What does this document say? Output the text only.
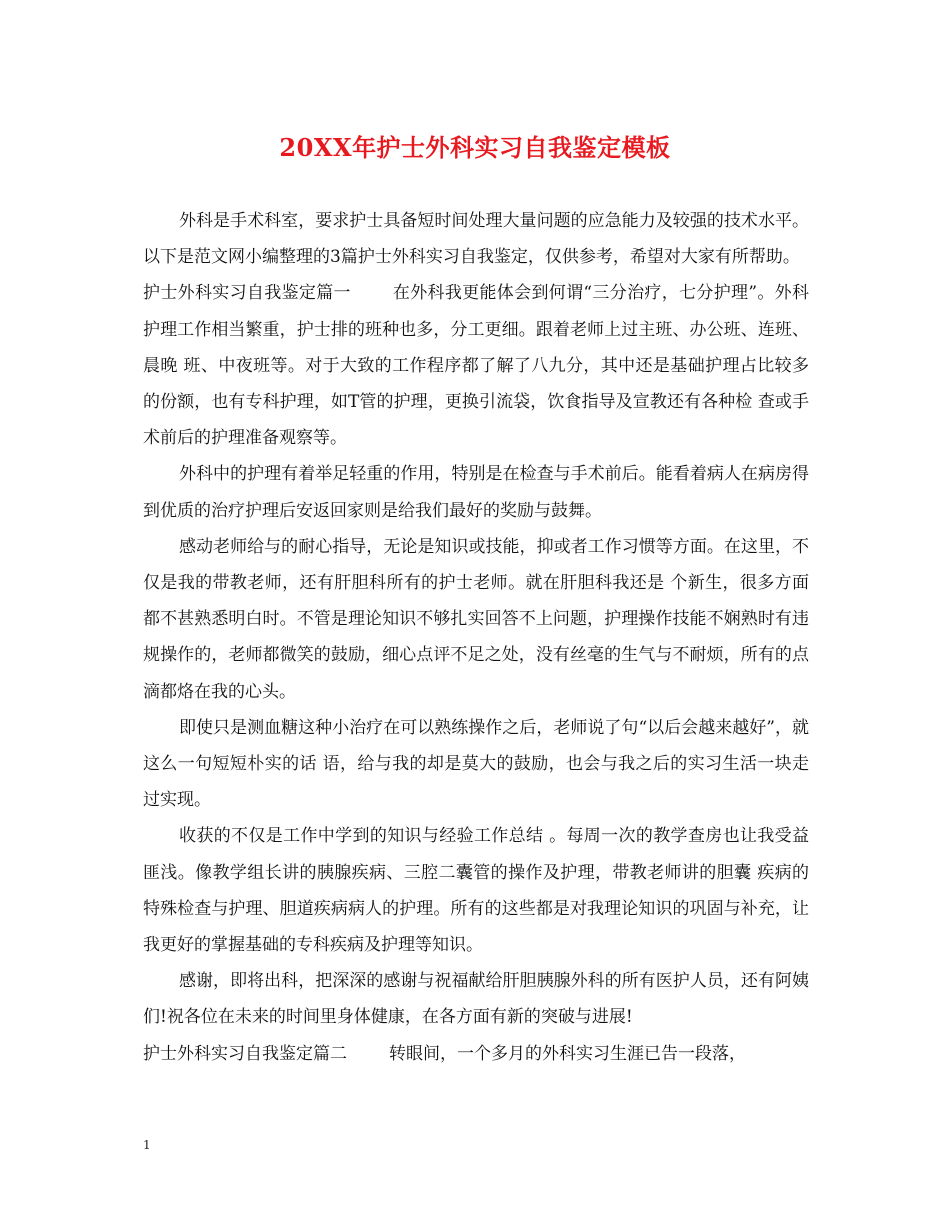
20XX年护士外科实习自我鉴定模板

外科是手术科室，要求护士具备短时间处理大量问题的应急能力及较强的技术水平。以下是范文网小编整理的3篇护士外科实习自我鉴定，仅供参考，希望对大家有所帮助。

护士外科实习自我鉴定篇一 在外科我更能体会到何谓“三分治疗，七分护理”。外科护理工作相当繁重，护士排的班种也多，分工更细。跟着老师上过主班、办公班、连班、晨晚 班、中夜班等。对于大致的工作程序都了解了八九分，其中还是基础护理占比较多的份额，也有专科护理，如T管的护理，更换引流袋，饮食指导及宣教还有各种检 查或手术前后的护理准备观察等。

外科中的护理有着举足轻重的作用，特别是在检查与手术前后。能看着病人在病房得到优质的治疗护理后安返回家则是给我们最好的奖励与鼓舞。

感动老师给与的耐心指导，无论是知识或技能，抑或者工作习惯等方面。在这里，不仅是我的带教老师，还有肝胆科所有的护士老师。就在肝胆科我还是 个新生，很多方面都不甚熟悉明白时。不管是理论知识不够扎实回答不上问题，护理操作技能不娴熟时有违规操作的，老师都微笑的鼓励，细心点评不足之处，没有丝毫的生气与不耐烦，所有的点滴都烙在我的心头。

即使只是测血糖这种小治疗在可以熟练操作之后，老师说了句“以后会越来越好”，就这么一句短短朴实的话 语，给与我的却是莫大的鼓励，也会与我之后的实习生活一块走过实现。

收获的不仅是工作中学到的知识与经验工作总结 。每周一次的教学查房也让我受益匪浅。像教学组长讲的胰腺疾病、三腔二囊管的操作及护理，带教老师讲的胆囊 疾病的特殊检查与护理、胆道疾病病人的护理。所有的这些都是对我理论知识的巩固与补充，让我更好的掌握基础的专科疾病及护理等知识。

感谢，即将出科，把深深的感谢与祝福献给肝胆胰腺外科的所有医护人员，还有阿姨们!祝各位在未来的时间里身体健康，在各方面有新的突破与进展!

护士外科实习自我鉴定篇二 转眼间，一个多月的外科实习生涯已告一段落，

1
